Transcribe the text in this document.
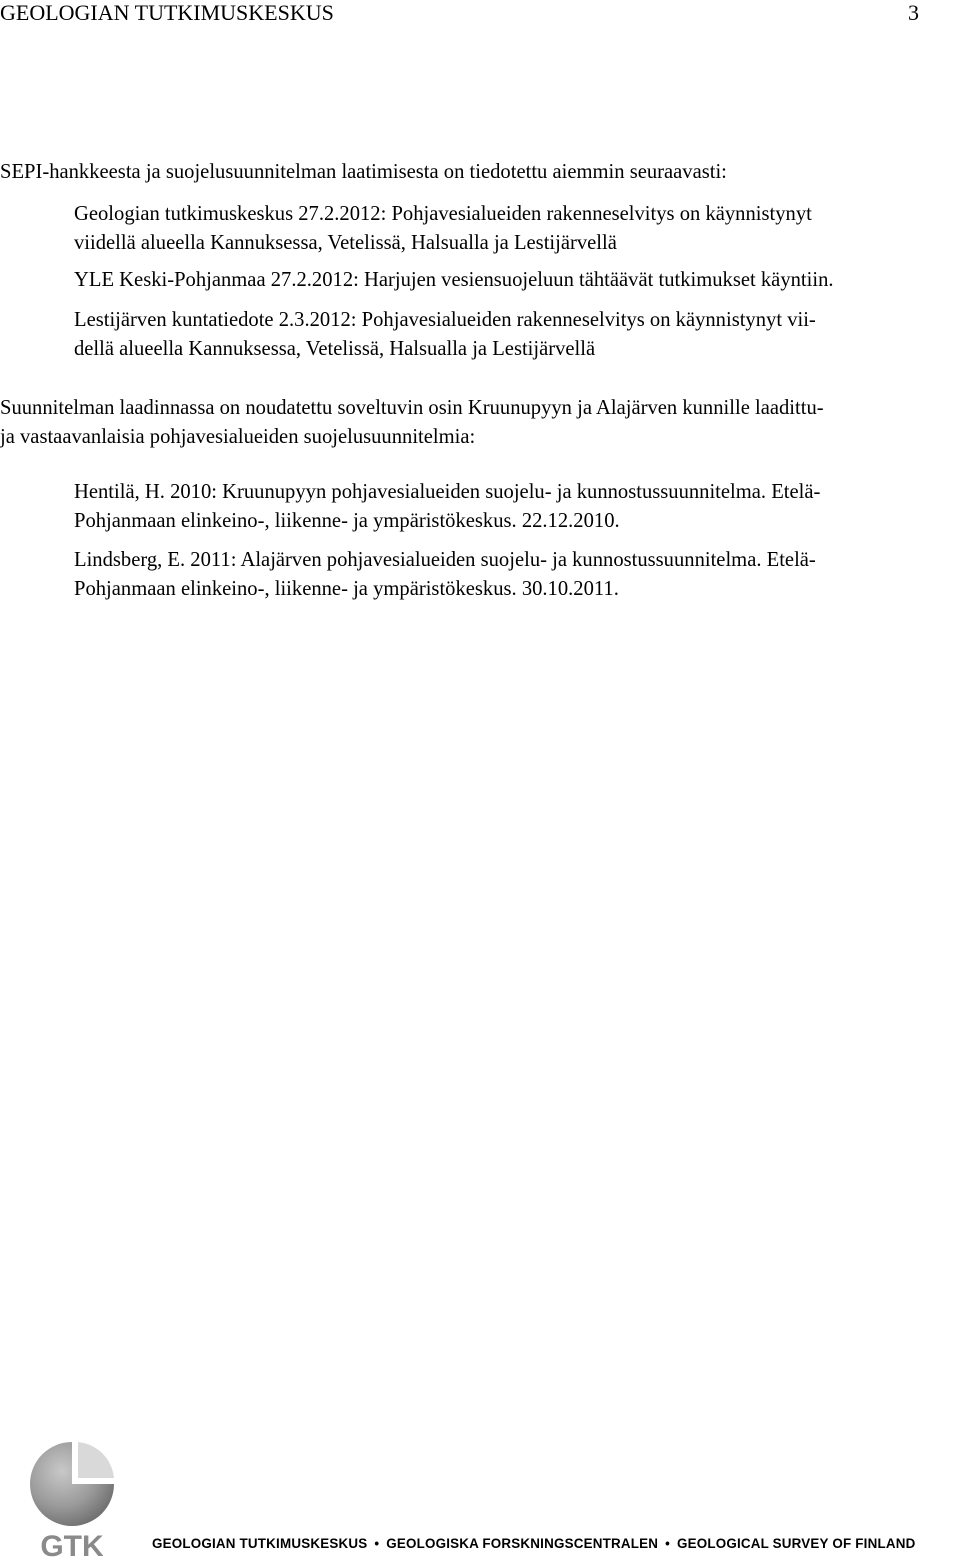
GEOLOGIAN TUTKIMUSKESKUS	3
SEPI-hankkeesta ja suojelusuunnitelman laatimisesta on tiedotettu aiemmin seuraavasti:
Geologian tutkimuskeskus 27.2.2012: Pohjavesialueiden rakenneselvitys on käynnistynyt
viidellä alueella Kannuksessa, Vetelissä, Halsualla ja Lestijärvellä
YLE Keski-Pohjanmaa 27.2.2012: Harjujen vesiensuojeluun tähtäävät tutkimukset käyntiin.
Lestijärven kuntatiedote 2.3.2012: Pohjavesialueiden rakenneselvitys on käynnistynyt vii-
dellä alueella Kannuksessa, Vetelissä, Halsualla ja Lestijärvellä
Suunnitelman laadinnassa on noudatettu soveltuvin osin Kruunupyyn ja Alajärven kunnille laadittu-
ja vastaavanlaisia pohjavesialueiden suojelusuunnitelmia:
Hentilä, H. 2010: Kruunupyyn pohjavesialueiden suojelu- ja kunnostussuunnitelma. Etelä-
Pohjanmaan elinkeino-, liikenne- ja ympäristökeskus. 22.12.2010.
Lindsberg, E. 2011: Alajärven pohjavesialueiden suojelu- ja kunnostussuunnitelma. Etelä-
Pohjanmaan elinkeino-, liikenne- ja ympäristökeskus. 30.10.2011.
GTK	GEOLOGIAN TUTKIMUSKESKUS • GEOLOGISKA FORSKNINGSCENTRALEN • GEOLOGICAL SURVEY OF FINLAND
